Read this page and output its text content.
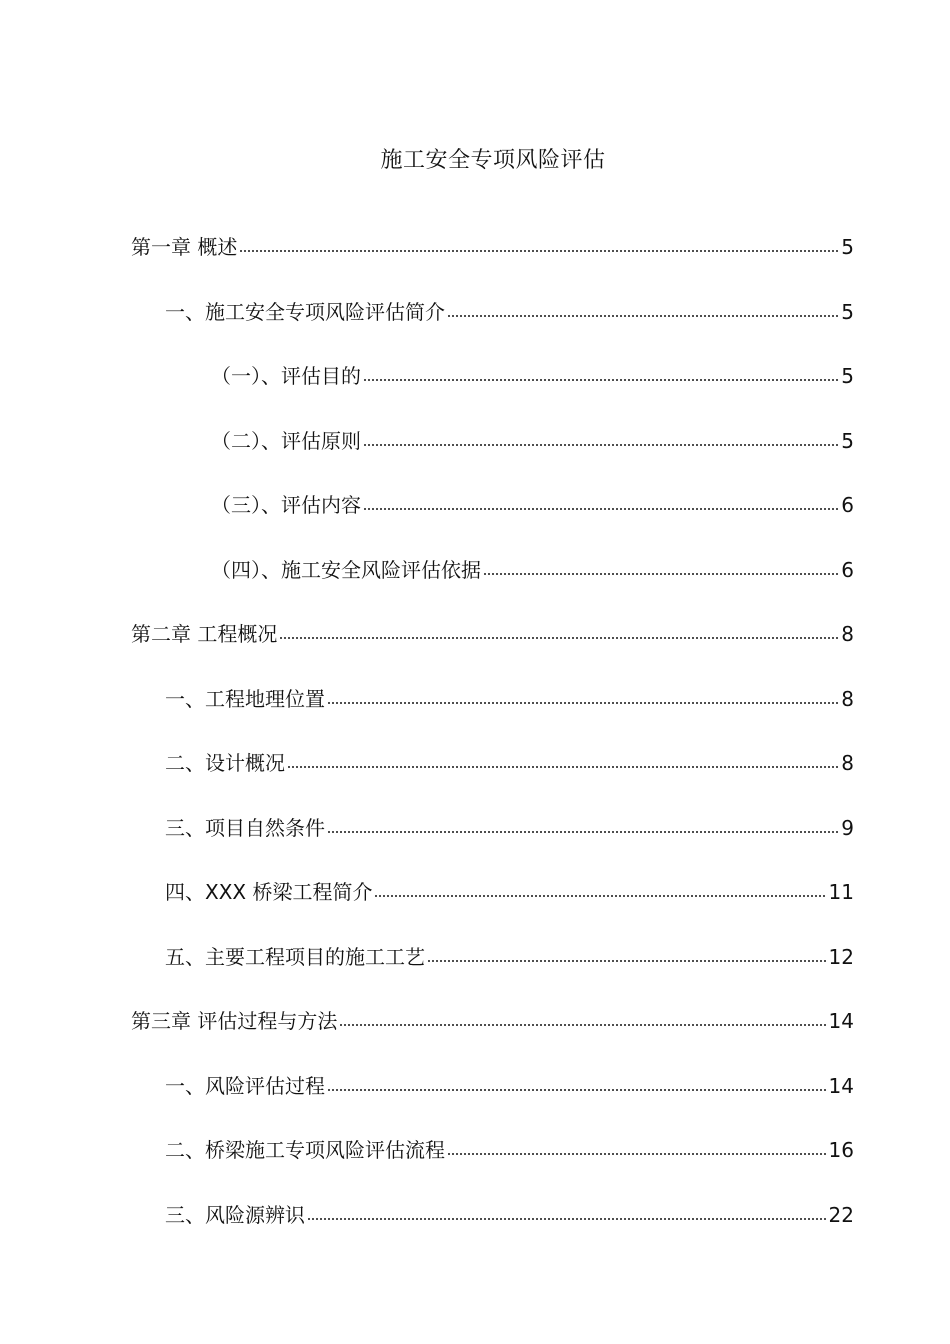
施工安全专项风险评估
第一章 概述	5
一、施工安全专项风险评估简介	5
（一）、评估目的	5
（二）、评估原则	5
（三）、评估内容	6
（四）、施工安全风险评估依据	6
第二章 工程概况	8
一、工程地理位置	8
二、设计概况	8
三、项目自然条件	9
四、XXX 桥梁工程简介	11
五、主要工程项目的施工工艺	12
第三章 评估过程与方法	14
一、风险评估过程	14
二、桥梁施工专项风险评估流程	16
三、风险源辨识	22
